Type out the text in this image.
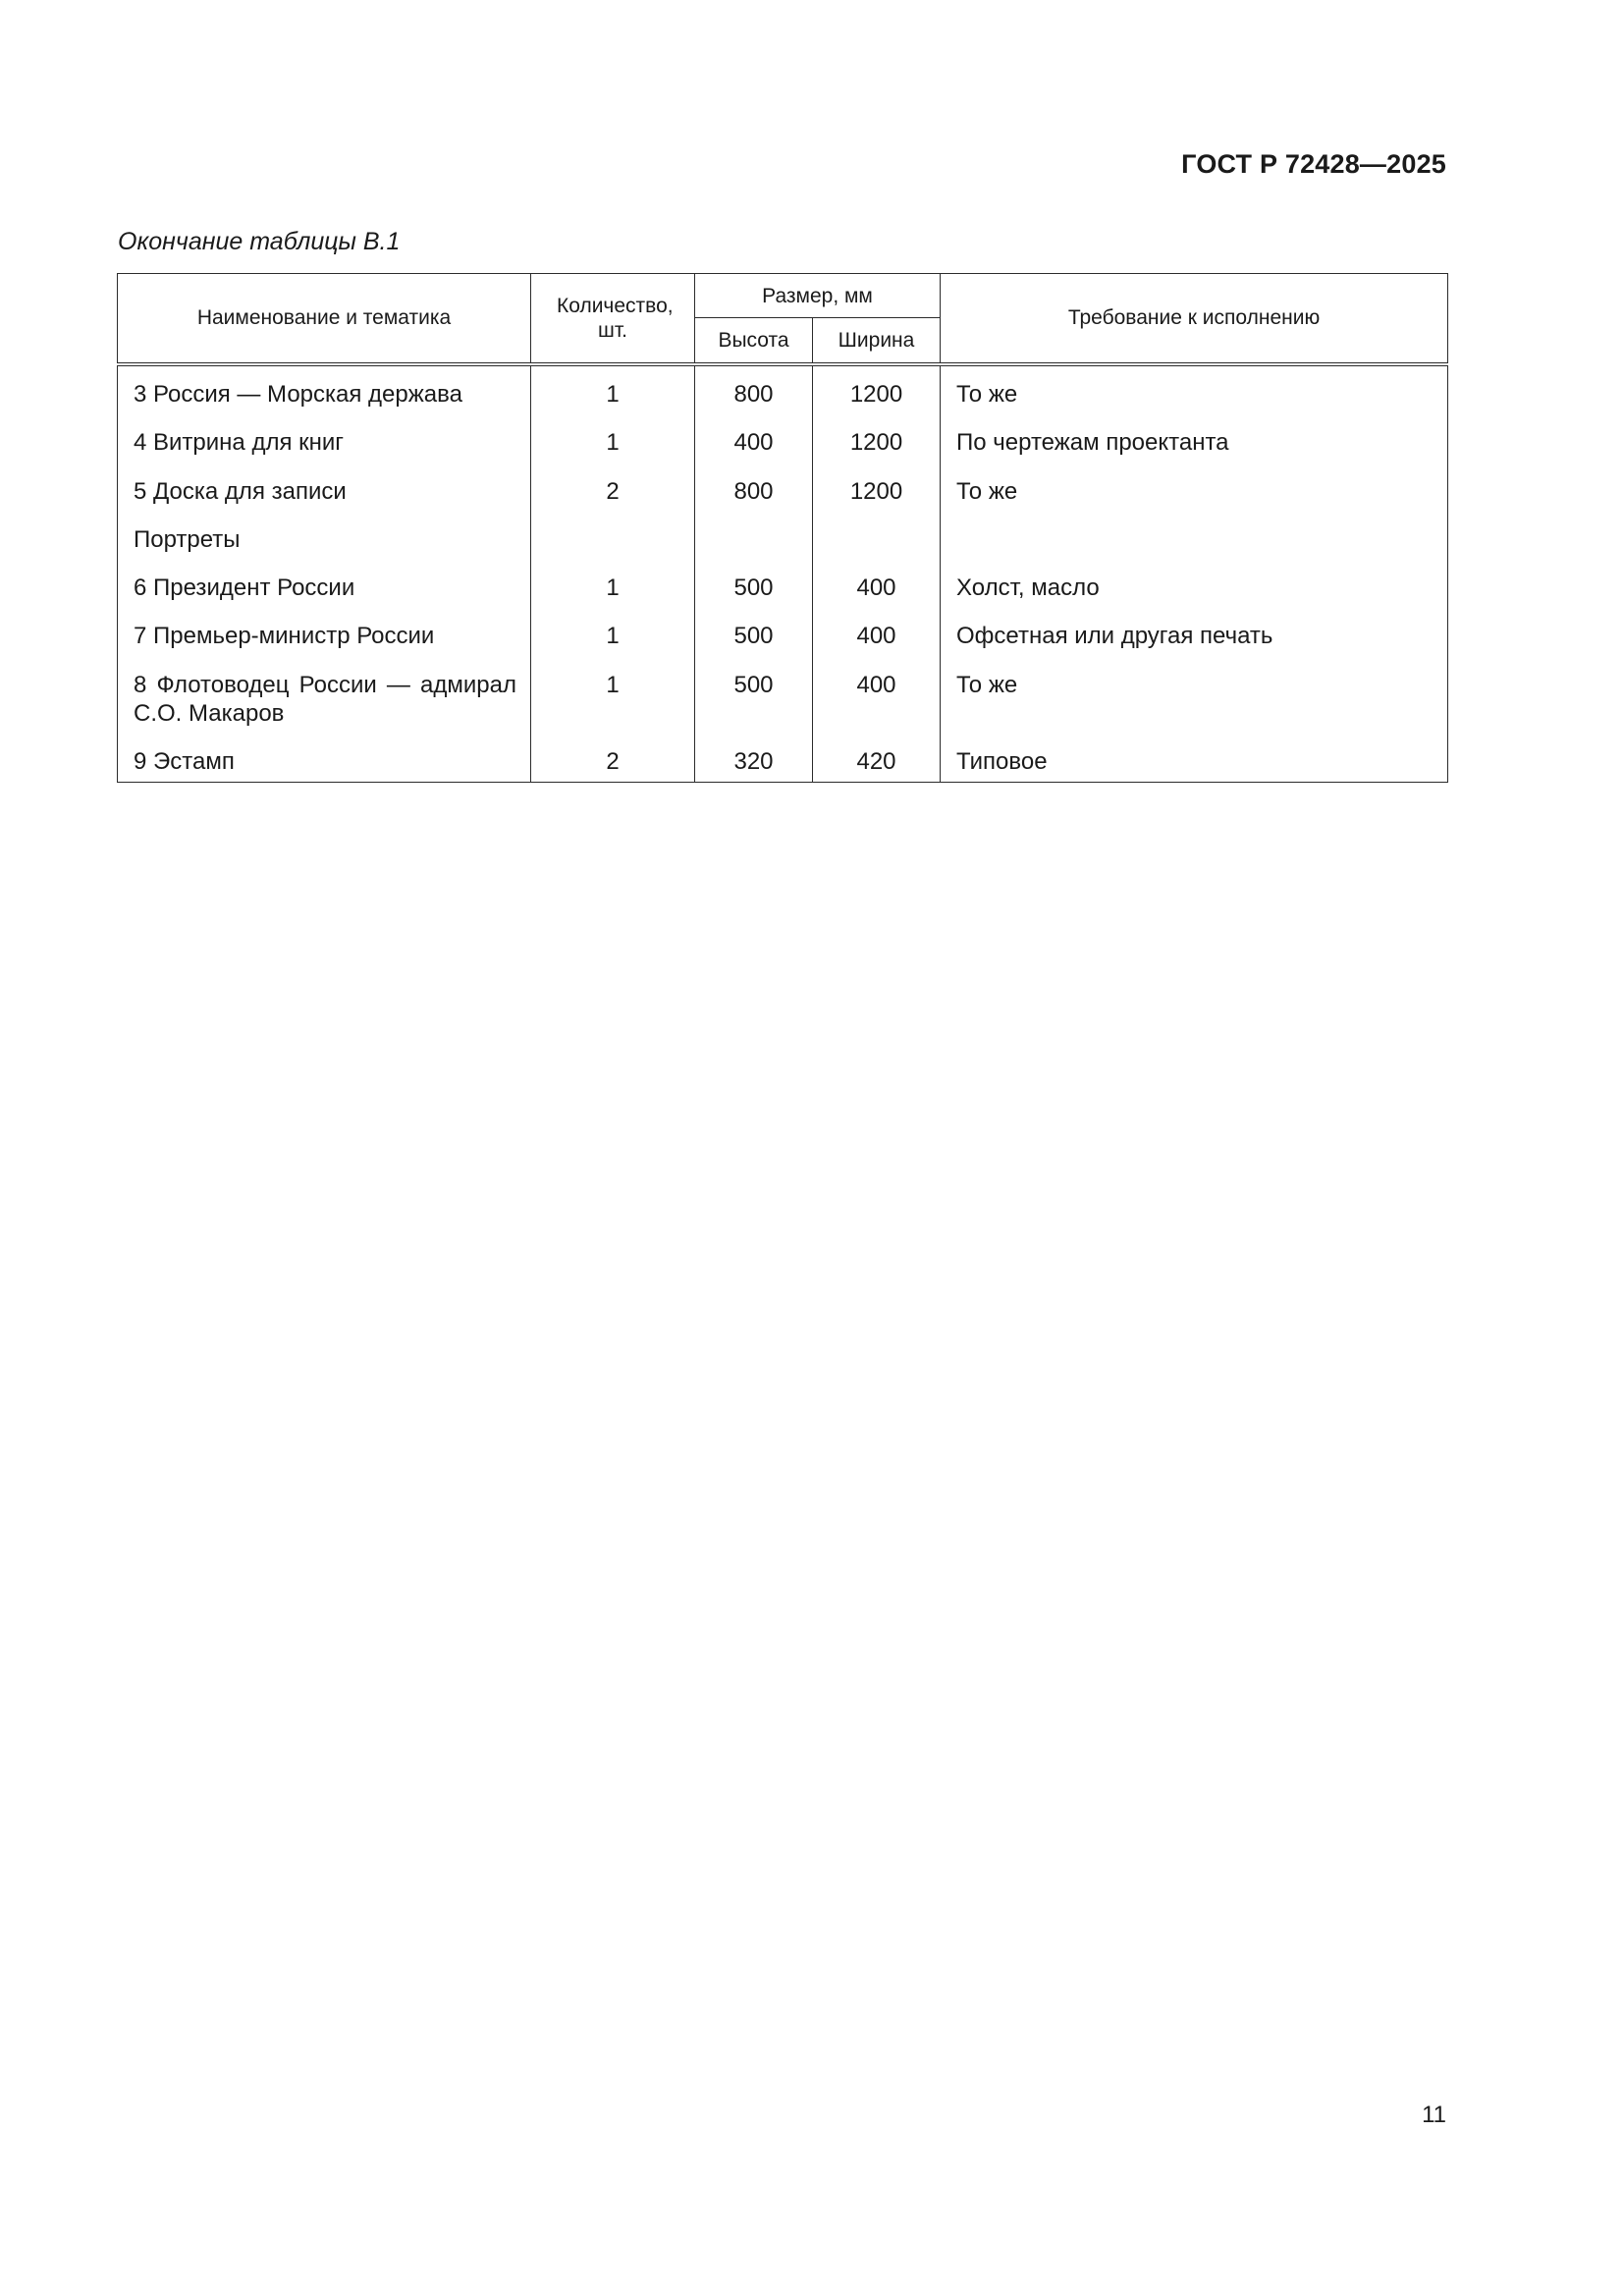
ГОСТ Р 72428—2025
Окончание таблицы В.1
Наименование и тематика	Количество, шт.	Размер, мм		Требование к исполнению
		Высота	Ширина	
3 Россия — Морская держава	1	800	1200	То же
4 Витрина для книг	1	400	1200	По чертежам проектанта
5 Доска для записи	2	800	1200	То же
Портреты				
6 Президент России	1	500	400	Холст, масло
7 Премьер-министр России	1	500	400	Офсетная или другая печать
8 Флотоводец России — адмирал С.О. Макаров	1	500	400	То же
9 Эстамп	2	320	420	Типовое
11
